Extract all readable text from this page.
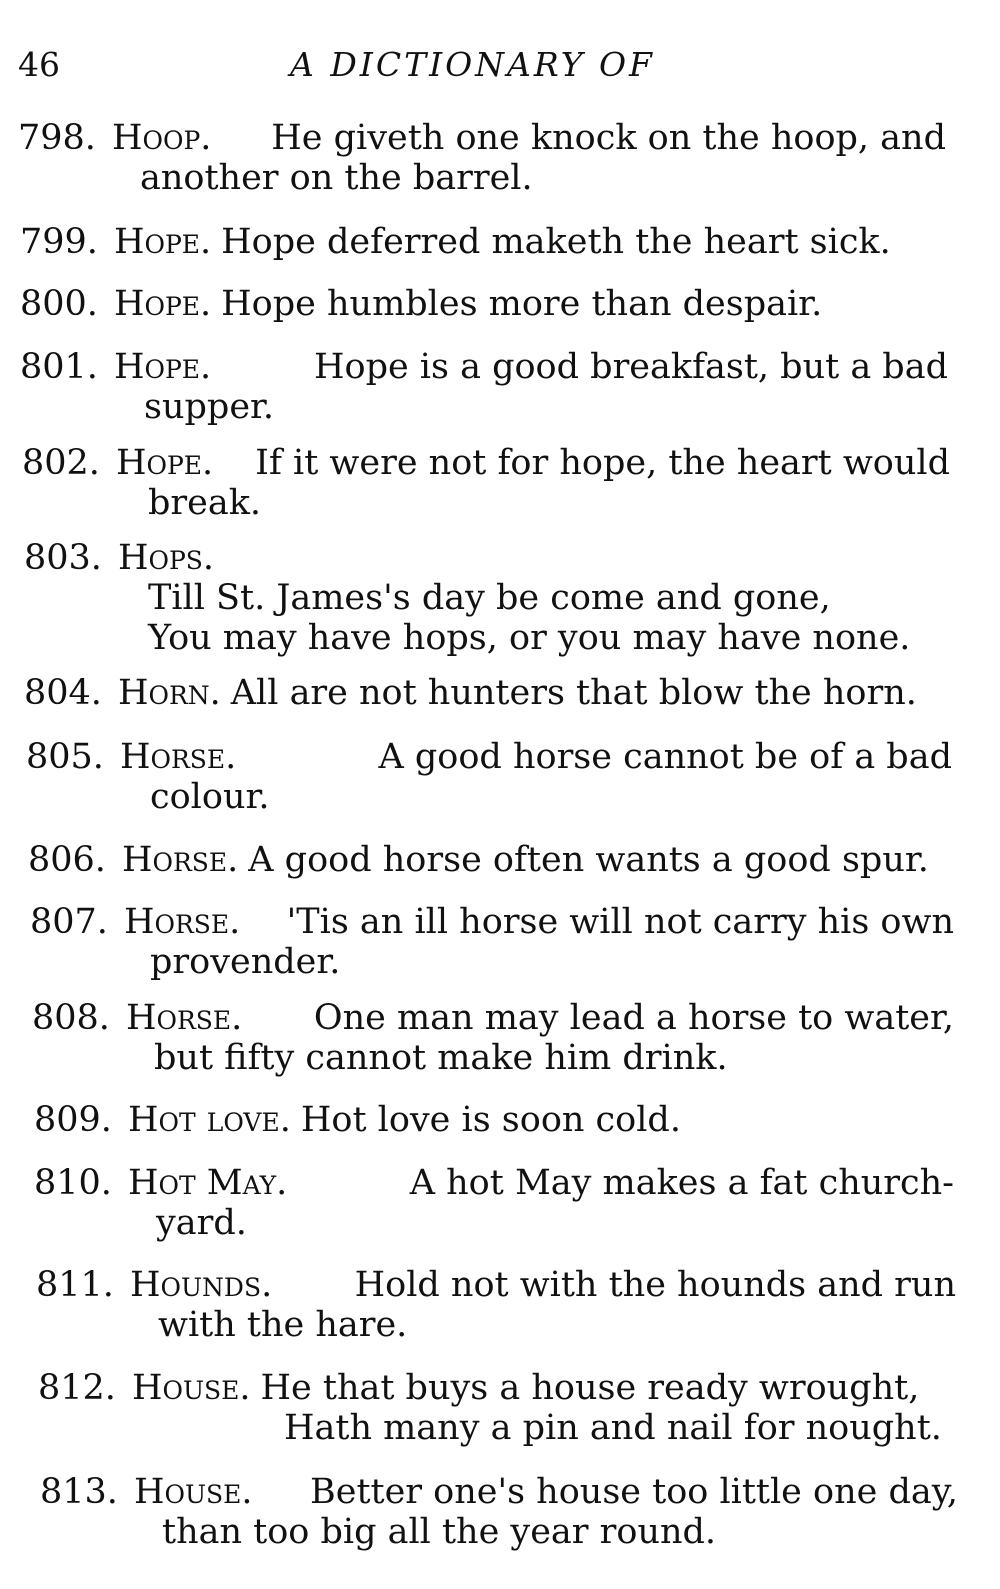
46	A DICTIONARY OF
798. Hoop. He giveth one knock on the hoop, and
another on the barrel.
799. Hope. Hope deferred maketh the heart sick.
800. Hope. Hope humbles more than despair.
801. Hope.	Hope is a good breakfast, but a bad
supper.
802. Hope. If it were not for hope, the heart would
break.
803. Hops.
Till St. James's day be come and gone,
You may have hops, or you may have none.
804. Horn. All are not hunters that blow the horn.
805. Horse.	A good horse cannot be of a bad
colour.
806. Horse. A good horse often wants a good spur.
807. Horse. 'Tis an ill horse will not carry his own
provender.
808. Horse. One man may lead a horse to water,
but fifty cannot make him drink.
809. Hot love. Hot love is soon cold.
810. Hot May.	A hot May makes a fat church-
yard.
811. Hounds. Hold not with the hounds and run
with the hare.
812. House. He that buys a house ready wrought,
Hath many a pin and nail for nought.
813. House. Better one's house too little one day,
than too big all the year round.
